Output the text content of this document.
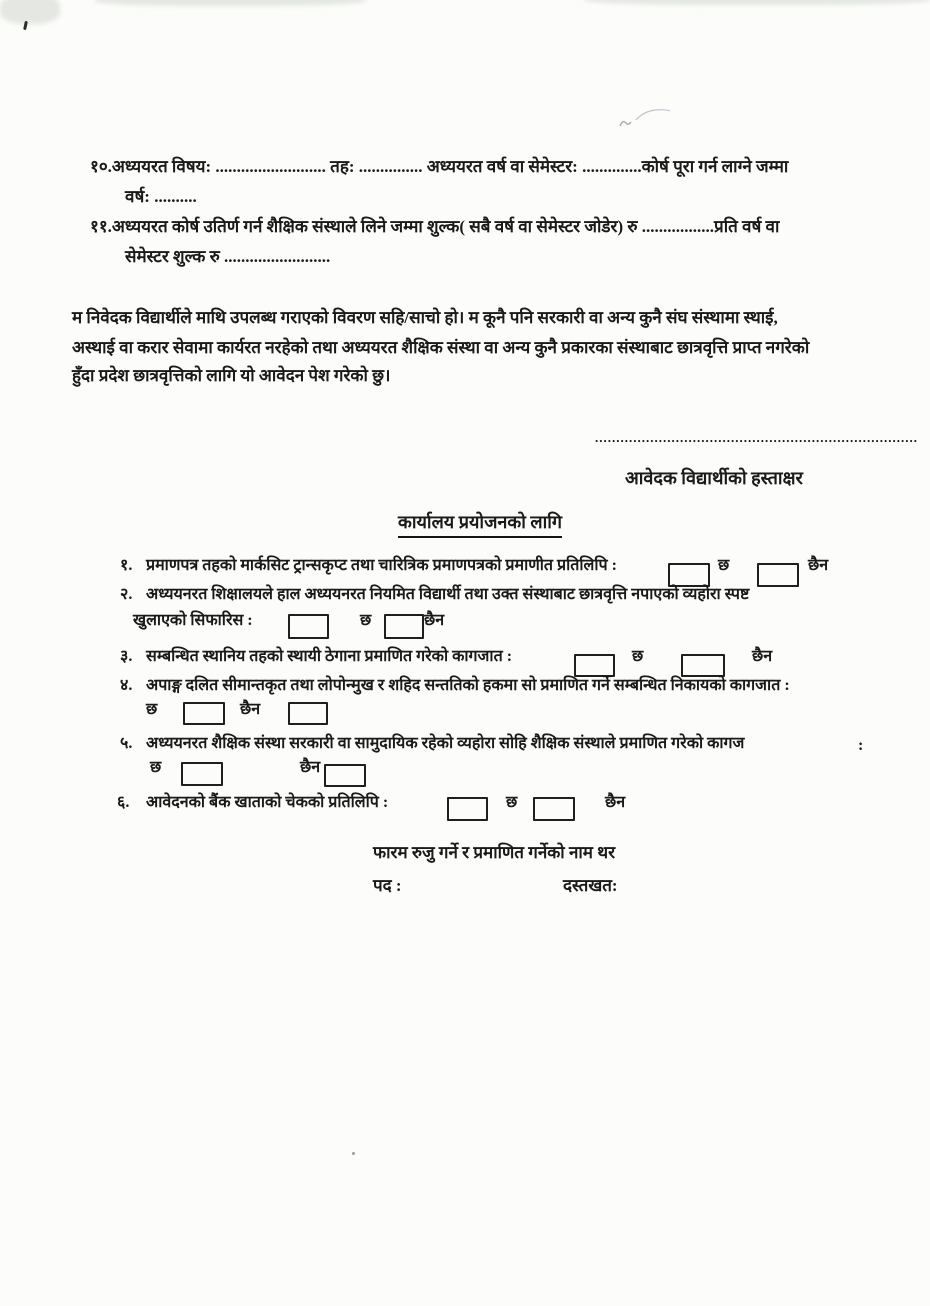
१०.अध्ययरत विषय: .......................... तह: ............... अध्ययरत वर्ष वा सेमेस्टर: ..............कोर्ष पूरा गर्न लाग्ने जम्मा
वर्ष: ..........
११.अध्ययरत कोर्ष उतिर्ण गर्न शैक्षिक संस्थाले लिने जम्मा शुल्क( सबै वर्ष वा सेमेस्टर जोडेर) रु .................प्रति वर्ष वा
सेमेस्टर शुल्क रु .........................
म निवेदक विद्यार्थीले माथि उपलब्ध गराएको विवरण सहि/साचो हो। म कूनै पनि सरकारी वा अन्य कुनै संघ संस्थामा स्थाई,
अस्थाई वा करार सेवामा कार्यरत नरहेको तथा अध्ययरत शैक्षिक संस्था वा अन्य कुनै प्रकारका संस्थाबाट छात्रवृत्ति प्राप्त नगरेको
हुँदा प्रदेश छात्रवृत्तिको लागि यो आवेदन पेश गरेको छु।
............................................................................
आवेदक विद्यार्थीको हस्ताक्षर
कार्यालय प्रयोजनको लागि
१. प्रमाणपत्र तहको मार्कसिट ट्रान्सकृप्ट तथा चारित्रिक प्रमाणपत्रको प्रमाणीत प्रतिलिपि :	छ	छैन
२. अध्ययनरत शिक्षालयले हाल अध्ययनरत नियमित विद्यार्थी तथा उक्त संस्थाबाट छात्रवृत्ति नपाएको व्यहोरा स्पष्ट
खुलाएको सिफारिस :	छ	छैन
३. सम्बन्धित स्थानिय तहको स्थायी ठेगाना प्रमाणित गरेको कागजात :	छ	छैन
४. अपाङ्ग दलित सीमान्तकृत तथा लोपोन्मुख र शहिद सन्ततिको हकमा सो प्रमाणित गर्ने सम्बन्धित निकायको कागजात :
छ	छैन
५. अध्ययनरत शैक्षिक संस्था सरकारी वा सामुदायिक रहेको व्यहोरा सोहि शैक्षिक संस्थाले प्रमाणित गरेको कागज	:
छ	छैन
६. आवेदनको बैंक खाताको चेकको प्रतिलिपि :	छ	छैन
फारम रुजु गर्ने र प्रमाणित गर्नेको नाम थर
पद :	दस्तखत:
